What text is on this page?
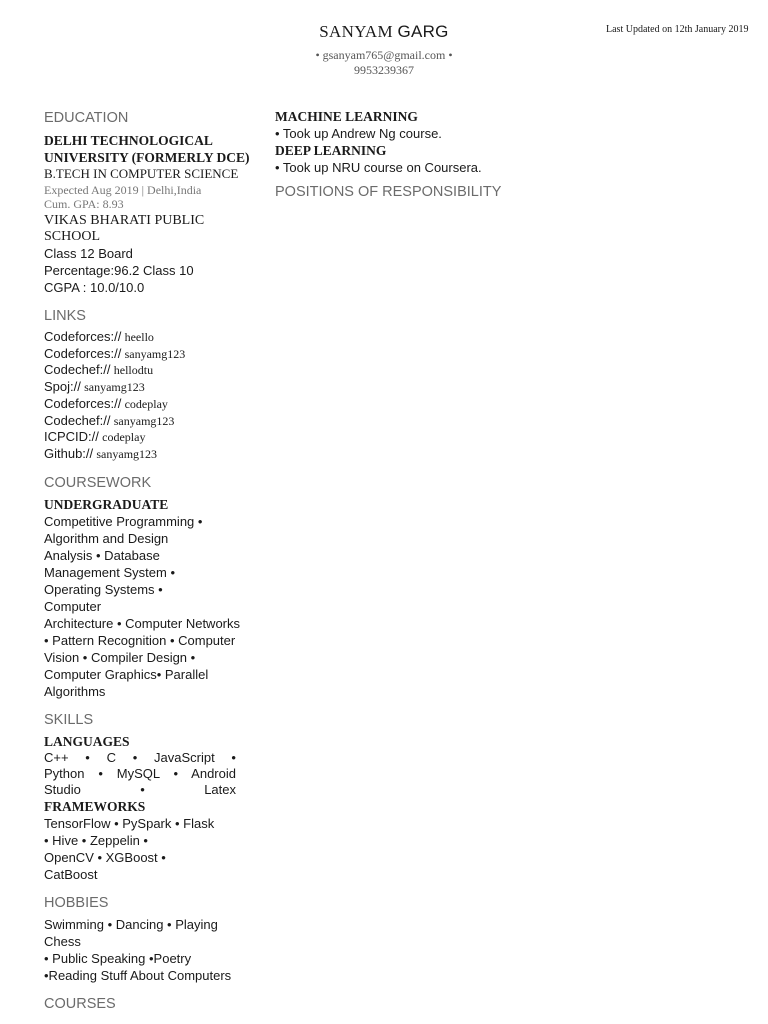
SANYAM GARG	Last Updated on 12th January 2019
• gsanyam765@gmail.com •
9953239367
EDUCATION
DELHI TECHNOLOGICAL
UNIVERSITY (FORMERLY DCE)
B.TECH IN COMPUTER SCIENCE
Expected Aug 2019 | Delhi,India
Cum. GPA: 8.93
VIKAS BHARATI PUBLIC
SCHOOL
Class 12 Board
Percentage:96.2 Class 10
CGPA : 10.0/10.0
LINKS
Codeforces:// heello
Codeforces:// sanyamg123
Codechef:// hellodtu
Spoj:// sanyamg123
Codeforces:// codeplay
Codechef:// sanyamg123
ICPCID:// codeplay
Github:// sanyamg123
COURSEWORK
UNDERGRADUATE
Competitive Programming •
Algorithm and Design
Analysis • Database
Management System •
Operating Systems •
Computer
Architecture • Computer Networks
• Pattern Recognition • Computer
Vision • Compiler Design •
Computer Graphics• Parallel
Algorithms
SKILLS
LANGUAGES
C++ • C • JavaScript •
Python • MySQL • Android
Studio • Latex
FRAMEWORKS
TensorFlow • PySpark • Flask
• Hive • Zeppelin •
OpenCV • XGBoost •
CatBoost
HOBBIES
Swimming • Dancing • Playing
Chess
• Public Speaking •Poetry
•Reading Stuff About Computers
COURSES
MACHINE LEARNING
• Took up Andrew Ng course.
DEEP LEARNING
• Took up NRU course on Coursera.
POSITIONS OF RESPONSIBILITY
